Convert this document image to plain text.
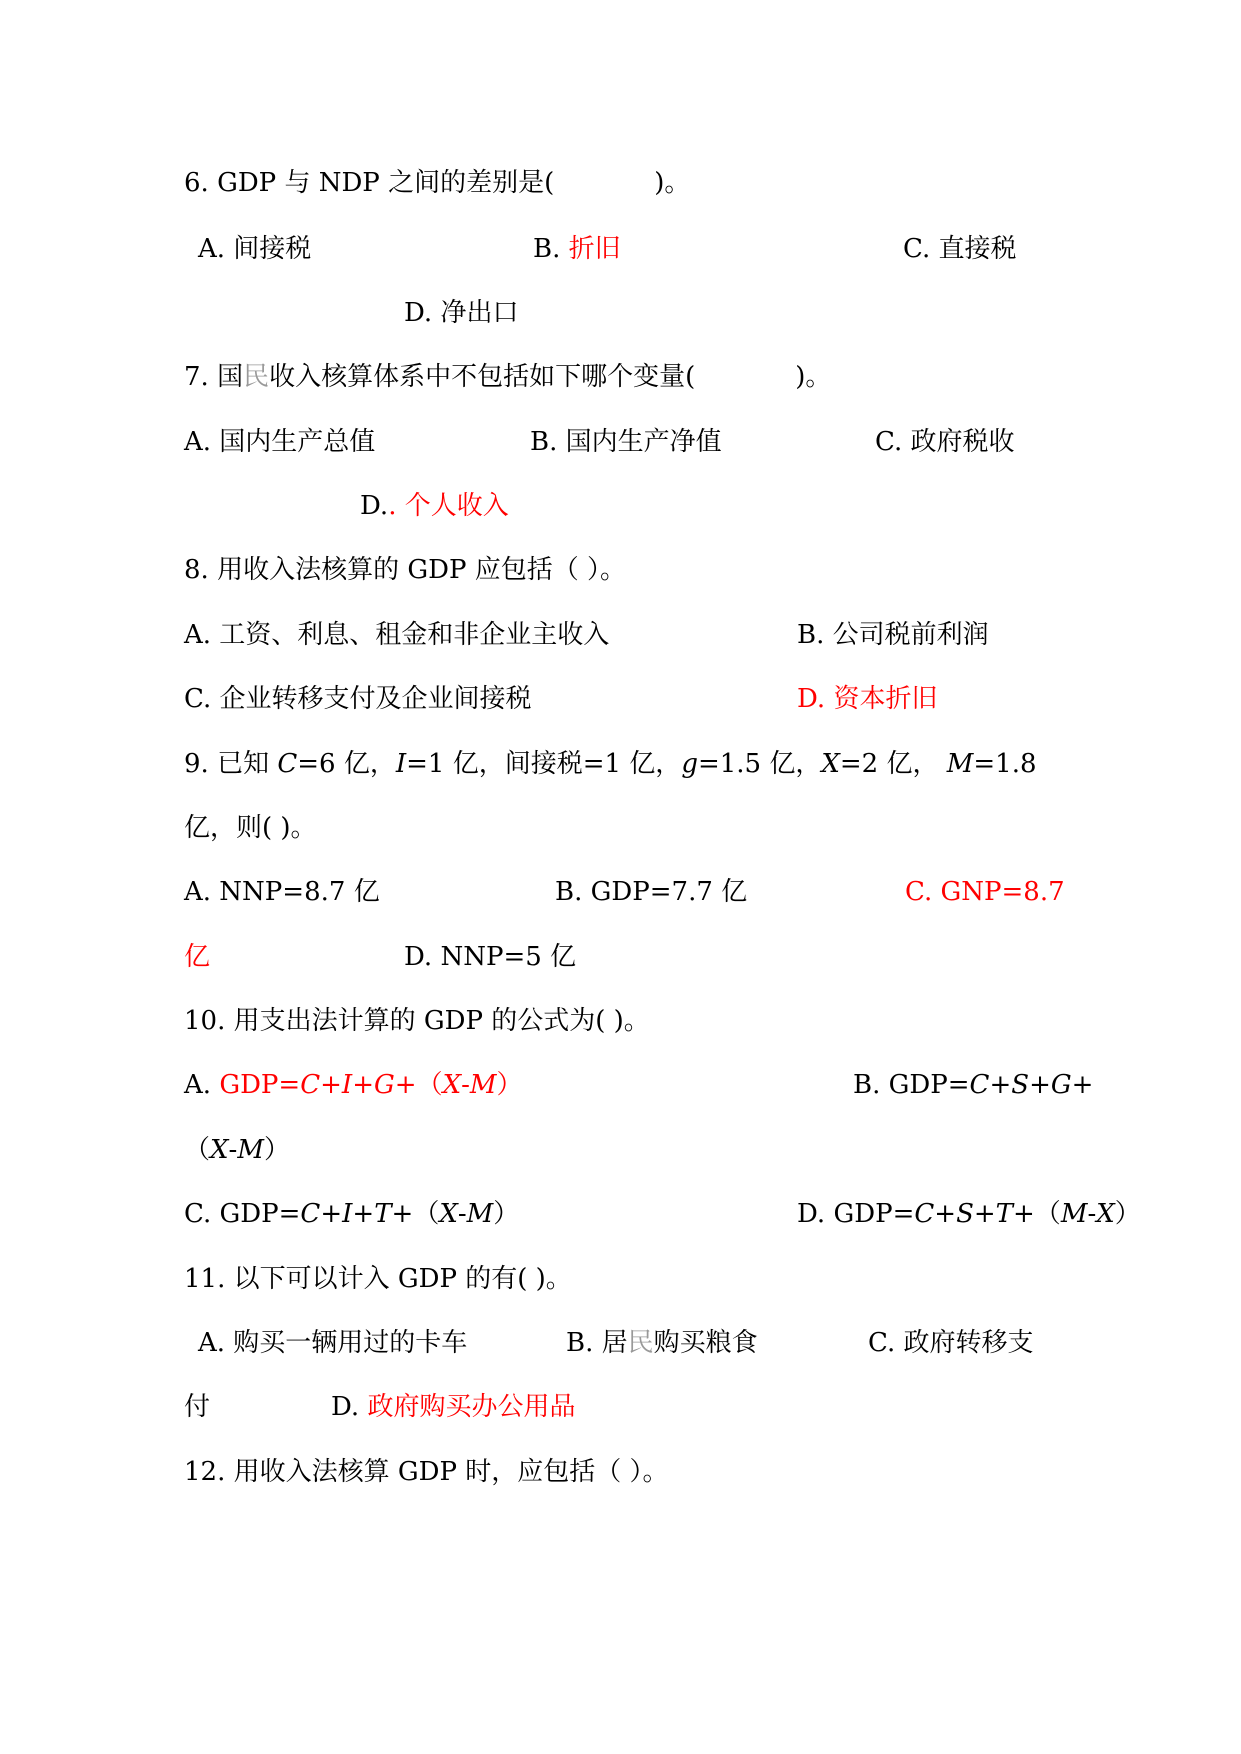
6. GDP 与 NDP 之间的差别是(	)。
A. 间接税	B. 折旧	C. 直接税
D. 净出口
7. 国民收入核算体系中不包括如下哪个变量(	)。
A. 国内生产总值	B. 国内生产净值	C. 政府税收
D.. 个人收入
8. 用收入法核算的 GDP 应包括（ ）。
A. 工资、利息、租金和非企业主收入	B. 公司税前利润
C. 企业转移支付及企业间接税	D. 资本折旧
9. 已知 C=6 亿，I=1 亿，间接税=1 亿，g=1.5 亿，X=2 亿， M=1.8
亿，则( )。
A. NNP=8.7 亿	B. GDP=7.7 亿	C. GNP=8.7
亿	D. NNP=5 亿
10. 用支出法计算的 GDP 的公式为( )。
A. GDP=C+I+G+（X-M）	B. GDP=C+S+G+
（X-M）
C. GDP=C+I+T+（X-M）	D. GDP=C+S+T+（M-X）
11. 以下可以计入 GDP 的有( )。
A. 购买一辆用过的卡车	B. 居民购买粮食	C. 政府转移支
付	D. 政府购买办公用品
12. 用收入法核算 GDP 时，应包括（ ）。
